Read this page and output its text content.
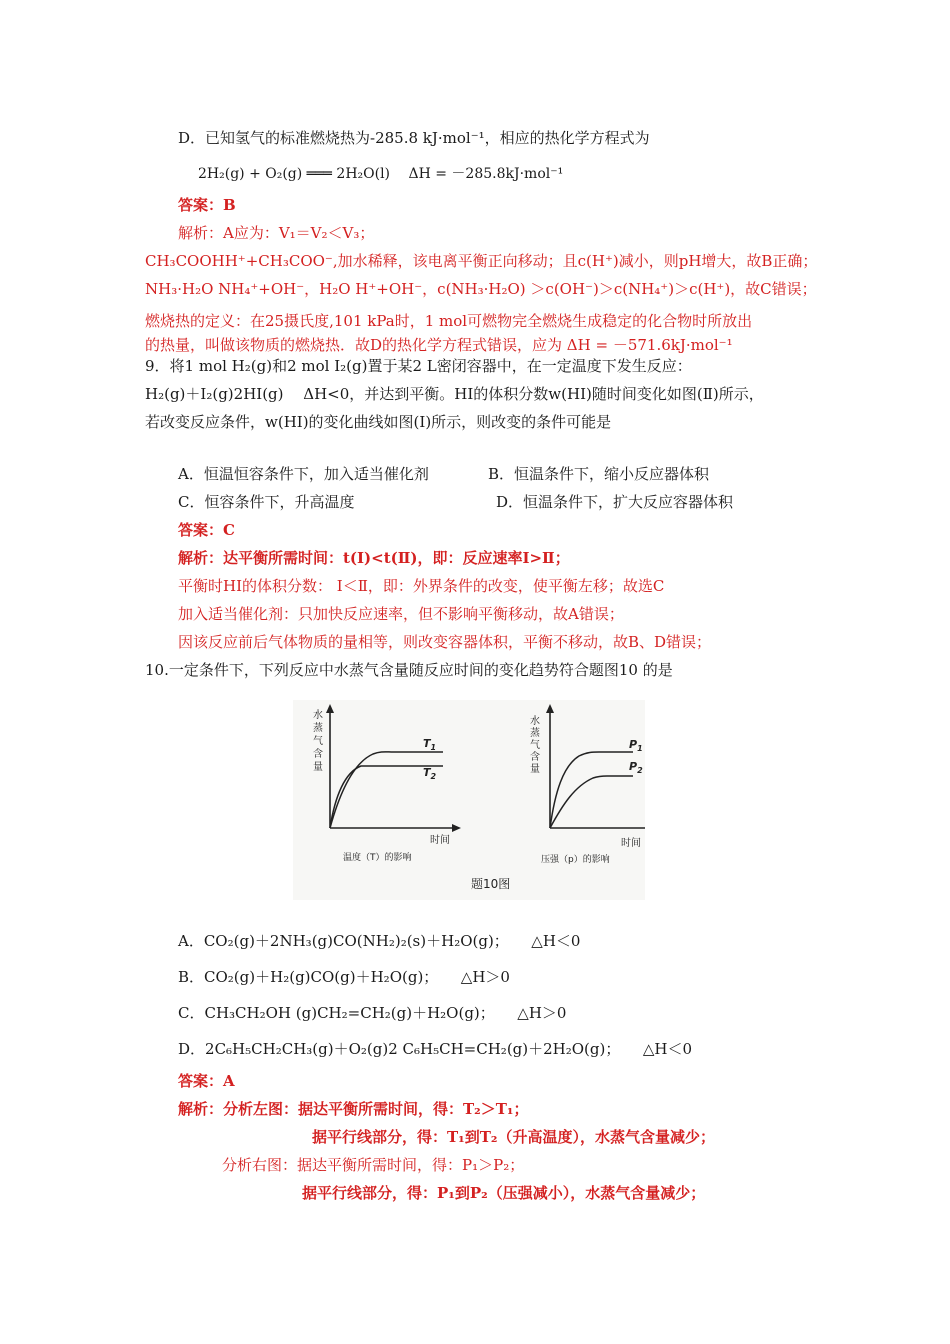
D．已知氢气的标准燃烧热为-285.8 kJ·mol⁻¹，相应的热化学方程式为
2H₂(g) + O₂(g) ═══ 2H₂O(l)　 ΔH = －285.8kJ·mol⁻¹
答案：B
解析：A应为：V₁＝V₂＜V₃；
CH₃COOHH⁺+CH₃COO⁻,加水稀释，该电离平衡正向移动；且c(H⁺)减小，则pH增大，故B正确；
NH₃·H₂O NH₄⁺+OH⁻，H₂O H⁺+OH⁻，c(NH₃·H₂O) ＞c(OH⁻)＞c(NH₄⁺)＞c(H⁺)，故C错误；
燃烧热的定义：在25摄氏度,101 kPa时，1 mol可燃物完全燃烧生成稳定的化合物时所放出
的热量，叫做该物质的燃烧热．故D的热化学方程式错误，应为 ΔH = －571.6kJ·mol⁻¹
9．将1 mol H₂(g)和2 mol I₂(g)置于某2 L密闭容器中，在一定温度下发生反应：
H₂(g)＋I₂(g)2HI(g)　 ΔH<0，并达到平衡。HI的体积分数w(HI)随时间变化如图(Ⅱ)所示，
若改变反应条件，w(HI)的变化曲线如图(Ⅰ)所示，则改变的条件可能是
A．恒温恒容条件下，加入适当催化剂	B．恒温条件下，缩小反应器体积
C．恒容条件下，升高温度	D．恒温条件下，扩大反应容器体积
答案：C
解析：达平衡所需时间：t(Ⅰ)<t(Ⅱ)，即：反应速率Ⅰ>Ⅱ；
平衡时HI的体积分数： Ⅰ＜Ⅱ，即：外界条件的改变，使平衡左移；故选C
加入适当催化剂：只加快反应速率，但不影响平衡移动，故A错误；
因该反应前后气体物质的量相等，则改变容器体积，平衡不移动，故B、D错误；
10.一定条件下，下列反应中水蒸气含量随反应时间的变化趋势符合题图10 的是
水
蒸
气
含
量
$T_1$
$T_2$
时间
温度（T）的影响
水
蒸
气
含
量
$P_1$
$P_2$
时间
压强（p）的影响
题10图
A．CO₂(g)＋2NH₃(g)CO(NH₂)₂(s)＋H₂O(g)；　　△H＜0
B．CO₂(g)＋H₂(g)CO(g)＋H₂O(g)；　　△H＞0
C．CH₃CH₂OH (g)CH₂=CH₂(g)＋H₂O(g)；　　△H＞0
D．2C₆H₅CH₂CH₃(g)＋O₂(g)2 C₆H₅CH=CH₂(g)＋2H₂O(g)；　　△H＜0
答案：A
解析：分析左图：据达平衡所需时间，得：T₂＞T₁；
据平行线部分，得：T₁到T₂（升高温度），水蒸气含量减少；
分析右图：据达平衡所需时间，得：P₁＞P₂；
据平行线部分，得：P₁到P₂（压强减小），水蒸气含量减少；
